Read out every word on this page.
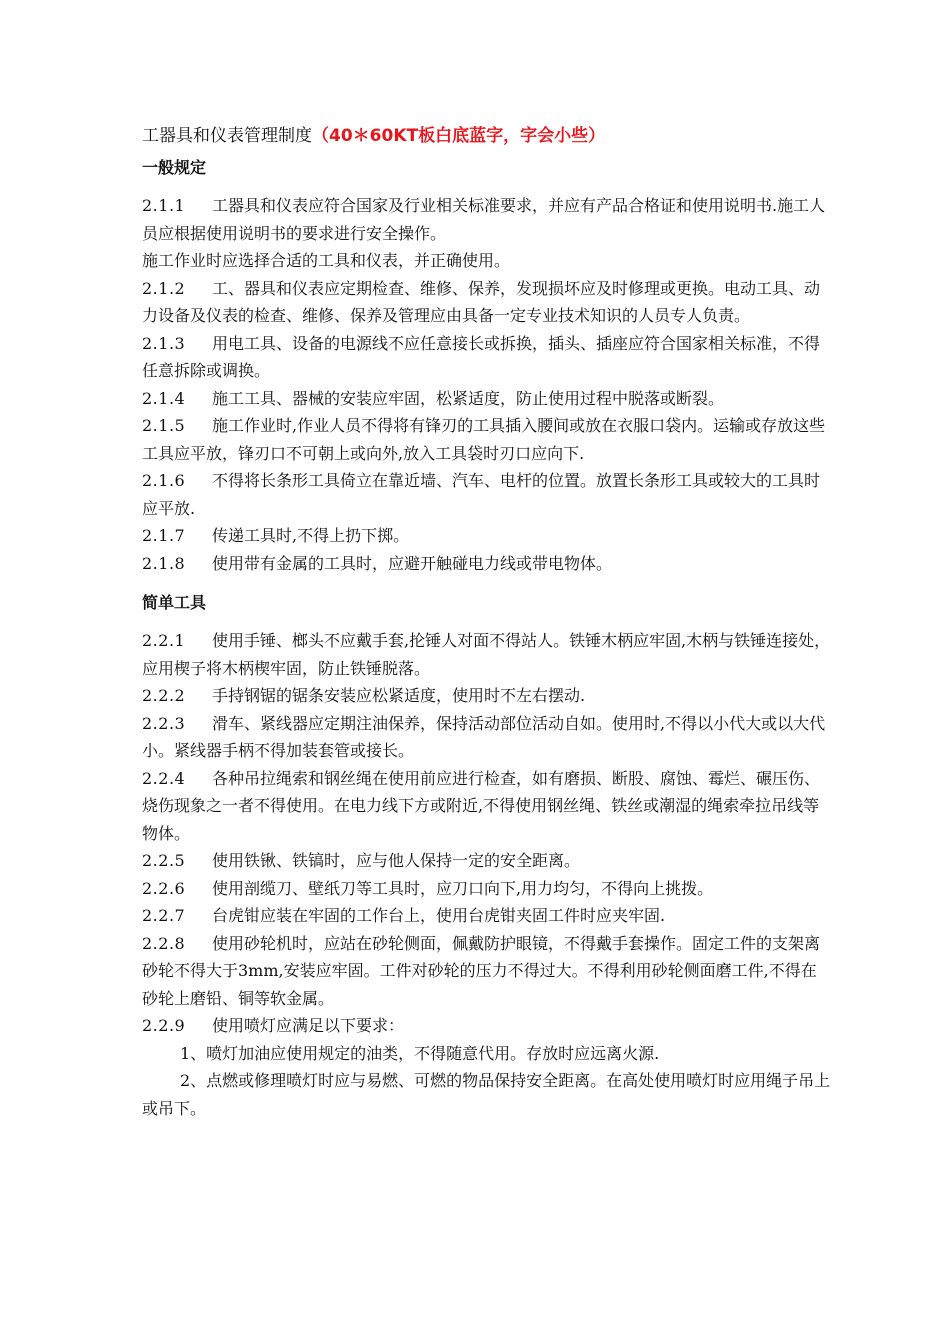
工器具和仪表管理制度（40＊60KT板白底蓝字，字会小些）
一般规定

2.1.1 工器具和仪表应符合国家及行业相关标准要求，并应有产品合格证和使用说明书.施工人员应根据使用说明书的要求进行安全操作。

施工作业时应选择合适的工具和仪表，并正确使用。

2.1.2 工、器具和仪表应定期检查、维修、保养，发现损坏应及时修理或更换。电动工具、动力设备及仪表的检查、维修、保养及管理应由具备一定专业技术知识的人员专人负责。

2.1.3 用电工具、设备的电源线不应任意接长或拆换，插头、插座应符合国家相关标准，不得任意拆除或调换。

2.1.4 施工工具、器械的安装应牢固，松紧适度，防止使用过程中脱落或断裂。

2.1.5 施工作业时,作业人员不得将有锋刃的工具插入腰间或放在衣服口袋内。运输或存放这些工具应平放，锋刃口不可朝上或向外,放入工具袋时刃口应向下.

2.1.6 不得将长条形工具倚立在靠近墙、汽车、电杆的位置。放置长条形工具或较大的工具时应平放.

2.1.7 传递工具时,不得上扔下掷。

2.1.8 使用带有金属的工具时，应避开触碰电力线或带电物体。

简单工具

2.2.1 使用手锤、榔头不应戴手套,抡锤人对面不得站人。铁锤木柄应牢固,木柄与铁锤连接处，应用楔子将木柄楔牢固，防止铁锤脱落。

2.2.2 手持钢锯的锯条安装应松紧适度，使用时不左右摆动.

2.2.3 滑车、紧线器应定期注油保养，保持活动部位活动自如。使用时,不得以小代大或以大代小。紧线器手柄不得加装套管或接长。

2.2.4 各种吊拉绳索和钢丝绳在使用前应进行检查，如有磨损、断股、腐蚀、霉烂、碾压伤、烧伤现象之一者不得使用。在电力线下方或附近,不得使用钢丝绳、铁丝或潮湿的绳索牵拉吊线等物体。

2.2.5 使用铁锹、铁镐时，应与他人保持一定的安全距离。

2.2.6 使用剖缆刀、壁纸刀等工具时，应刀口向下,用力均匀，不得向上挑拨。

2.2.7 台虎钳应装在牢固的工作台上，使用台虎钳夹固工件时应夹牢固.

2.2.8 使用砂轮机时，应站在砂轮侧面，佩戴防护眼镜，不得戴手套操作。固定工件的支架离砂轮不得大于3mm,安装应牢固。工件对砂轮的压力不得过大。不得利用砂轮侧面磨工件,不得在砂轮上磨铅、铜等软金属。

2.2.9 使用喷灯应满足以下要求：

1、喷灯加油应使用规定的油类，不得随意代用。存放时应远离火源.

2、点燃或修理喷灯时应与易燃、可燃的物品保持安全距离。在高处使用喷灯时应用绳子吊上或吊下。
